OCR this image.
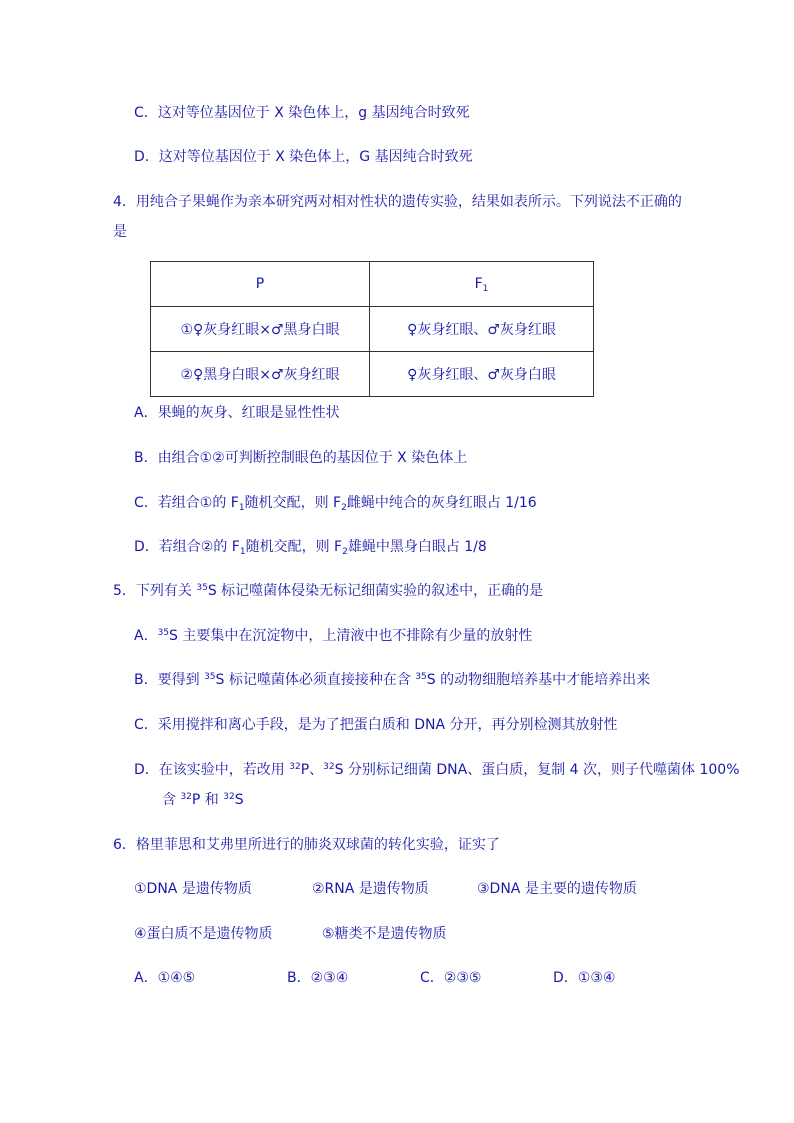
C．这对等位基因位于 X 染色体上，g 基因纯合时致死
D．这对等位基因位于 X 染色体上，G 基因纯合时致死
4．用纯合子果蝇作为亲本研究两对相对性状的遗传实验，结果如表所示。下列说法不正确的
是
P	$F_1$
①♀灰身红眼×♂黑身白眼	♀灰身红眼、♂灰身红眼
②♀黑身白眼×♂灰身红眼	♀灰身红眼、♂灰身白眼
A．果蝇的灰身、红眼是显性性状
B．由组合①②可判断控制眼色的基因位于 X 染色体上
C．若组合①的 $F_1$随机交配，则 $F_2$雌蝇中纯合的灰身红眼占 1/16
D．若组合②的 $F_1$随机交配，则 $F_2$雄蝇中黑身白眼占 1/8
5．下列有关 $^{35}$S 标记噬菌体侵染无标记细菌实验的叙述中，正确的是
A．$^{35}$S 主要集中在沉淀物中，上清液中也不排除有少量的放射性
B．要得到 $^{35}$S 标记噬菌体必须直接接种在含 $^{35}$S 的动物细胞培养基中才能培养出来
C．采用搅拌和离心手段，是为了把蛋白质和 DNA 分开，再分别检测其放射性
D．在该实验中，若改用 $^{32}$P、$^{32}$S 分别标记细菌 DNA、蛋白质，复制 4 次，则子代噬菌体 100%
含 $^{32}$P 和 $^{32}$S
6．格里菲思和艾弗里所进行的肺炎双球菌的转化实验，证实了
①DNA 是遗传物质	②RNA 是遗传物质	③DNA 是主要的遗传物质
④蛋白质不是遗传物质	⑤糖类不是遗传物质
A．①④⑤	B．②③④	C．②③⑤	D．①③④
